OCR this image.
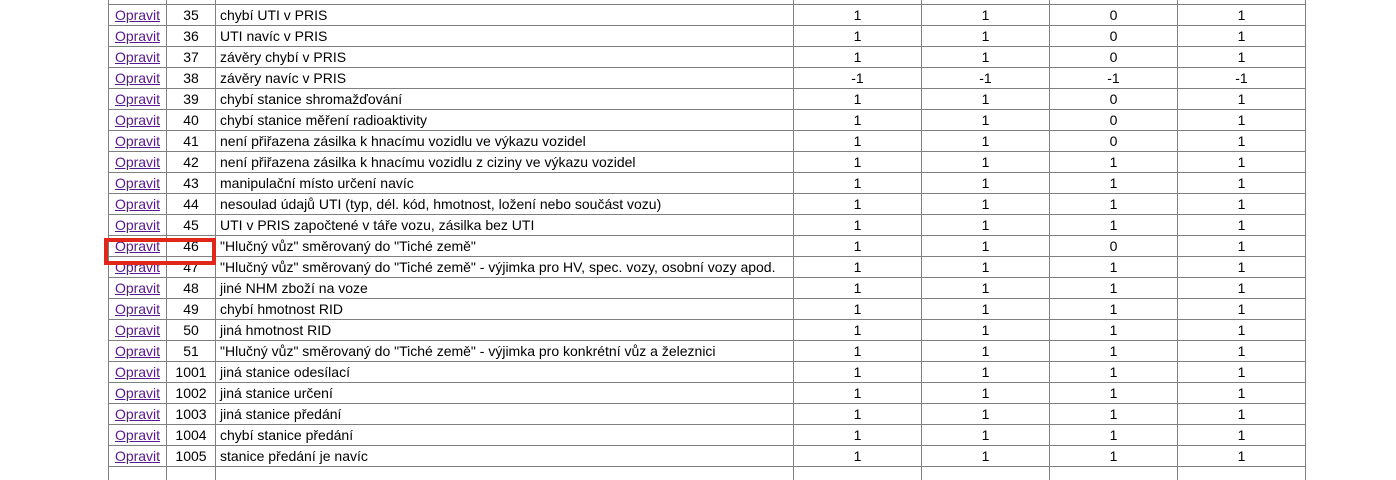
Opravit	35	chybí UTI v PRIS	1	1	0	1
Opravit	36	UTI navíc v PRIS	1	1	0	1
Opravit	37	závěry chybí v PRIS	1	1	0	1
Opravit	38	závěry navíc v PRIS	-1	-1	-1	-1
Opravit	39	chybí stanice shromažďování	1	1	0	1
Opravit	40	chybí stanice měření radioaktivity	1	1	0	1
Opravit	41	není přiřazena zásilka k hnacímu vozidlu ve výkazu vozidel	1	1	0	1
Opravit	42	není přiřazena zásilka k hnacímu vozidlu z ciziny ve výkazu vozidel	1	1	1	1
Opravit	43	manipulační místo určení navíc	1	1	1	1
Opravit	44	nesoulad údajů UTI (typ, dél. kód, hmotnost, ložení nebo součást vozu)	1	1	1	1
Opravit	45	UTI v PRIS započtené v táře vozu, zásilka bez UTI	1	1	1	1
Opravit	46	"Hlučný vůz" směrovaný do "Tiché země"	1	1	0	1
Opravit	47	"Hlučný vůz" směrovaný do "Tiché země" - výjimka pro HV, spec. vozy, osobní vozy apod.	1	1	1	1
Opravit	48	jiné NHM zboží na voze	1	1	1	1
Opravit	49	chybí hmotnost RID	1	1	1	1
Opravit	50	jiná hmotnost RID	1	1	1	1
Opravit	51	"Hlučný vůz" směrovaný do "Tiché země" - výjimka pro konkrétní vůz a železnici	1	1	1	1
Opravit	1001	jiná stanice odesílací	1	1	1	1
Opravit	1002	jiná stanice určení	1	1	1	1
Opravit	1003	jiná stanice předání	1	1	1	1
Opravit	1004	chybí stanice předání	1	1	1	1
Opravit	1005	stanice předání je navíc	1	1	1	1
